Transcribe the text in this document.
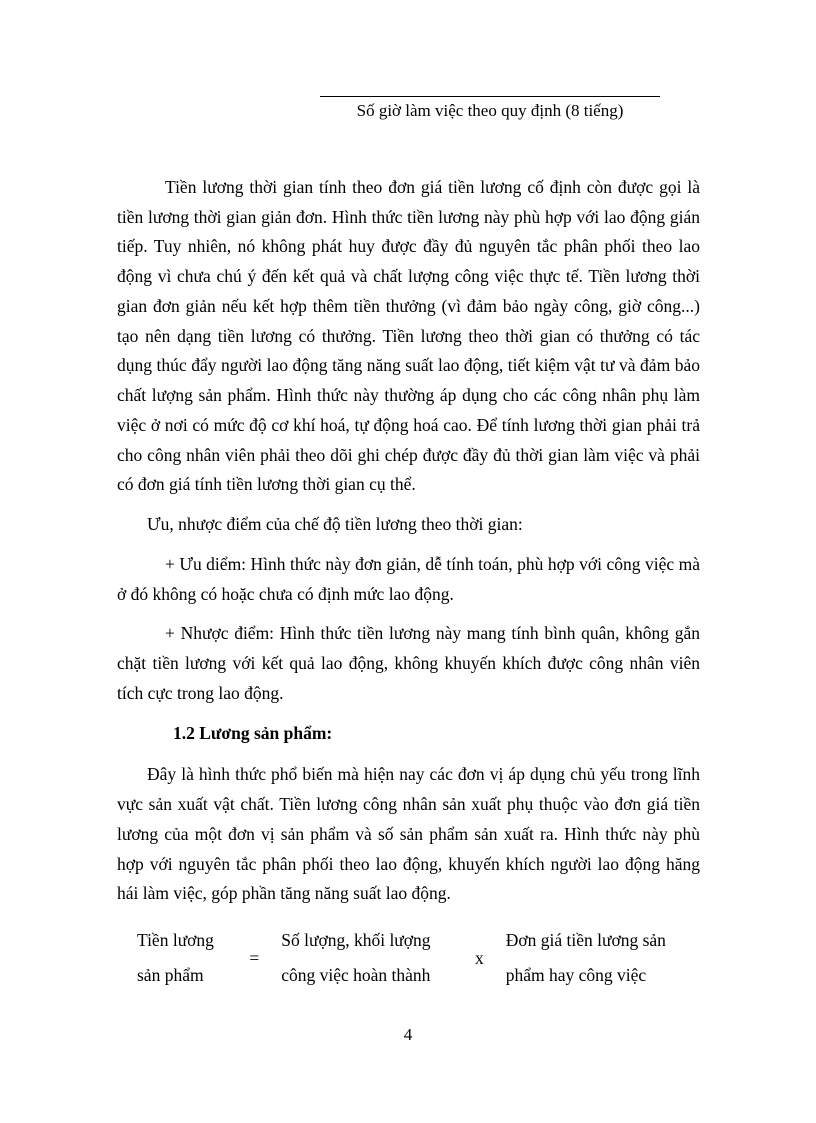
Số giờ làm việc theo quy định (8 tiếng)

Tiền lương thời gian tính theo đơn giá tiền lương cố định còn được gọi là tiền lương thời gian giản đơn. Hình thức tiền lương này phù hợp với lao động gián tiếp. Tuy nhiên, nó không phát huy được đầy đủ nguyên tắc phân phối theo lao động vì chưa chú ý đến kết quả và chất lượng công việc thực tế. Tiền lương thời gian đơn giản nếu kết hợp thêm tiền thưởng (vì đảm bảo ngày công, giờ công...) tạo nên dạng tiền lương có thưởng. Tiền lương theo thời gian có thưởng có tác dụng thúc đẩy người lao động tăng năng suất lao động, tiết kiệm vật tư và đảm bảo chất lượng sản phẩm. Hình thức này thường áp dụng cho các công nhân phụ làm việc ở nơi có mức độ cơ khí hoá, tự động hoá cao. Để tính lương thời gian phải trả cho công nhân viên phải theo dõi ghi chép được đầy đủ thời gian làm việc và phải có đơn giá tính tiền lương thời gian cụ thể.

Ưu, nhược điểm của chế độ tiền lương theo thời gian:

+ Ưu diểm: Hình thức này đơn giản, dễ tính toán, phù hợp với công việc mà ở đó không có hoặc chưa có định mức lao động.

+ Nhược điểm: Hình thức tiền lương này mang tính bình quân, không gắn chặt tiền lương với kết quả lao động, không khuyến khích được công nhân viên tích cực trong lao động.

1.2 Lương sản phẩm:

Đây là hình thức phổ biến mà hiện nay các đơn vị áp dụng chủ yếu trong lĩnh vực sản xuất vật chất. Tiền lương công nhân sản xuất phụ thuộc vào đơn giá tiền lương của một đơn vị sản phẩm và số sản phẩm sản xuất ra. Hình thức này phù hợp với nguyên tắc phân phối theo lao động, khuyến khích người lao động hăng hái làm việc, góp phần tăng năng suất lao động.

Tiền lương sản phẩm
=
Số lượng, khối lượng công việc hoàn thành
x
Đơn giá tiền lương sản phẩm hay công việc
4
